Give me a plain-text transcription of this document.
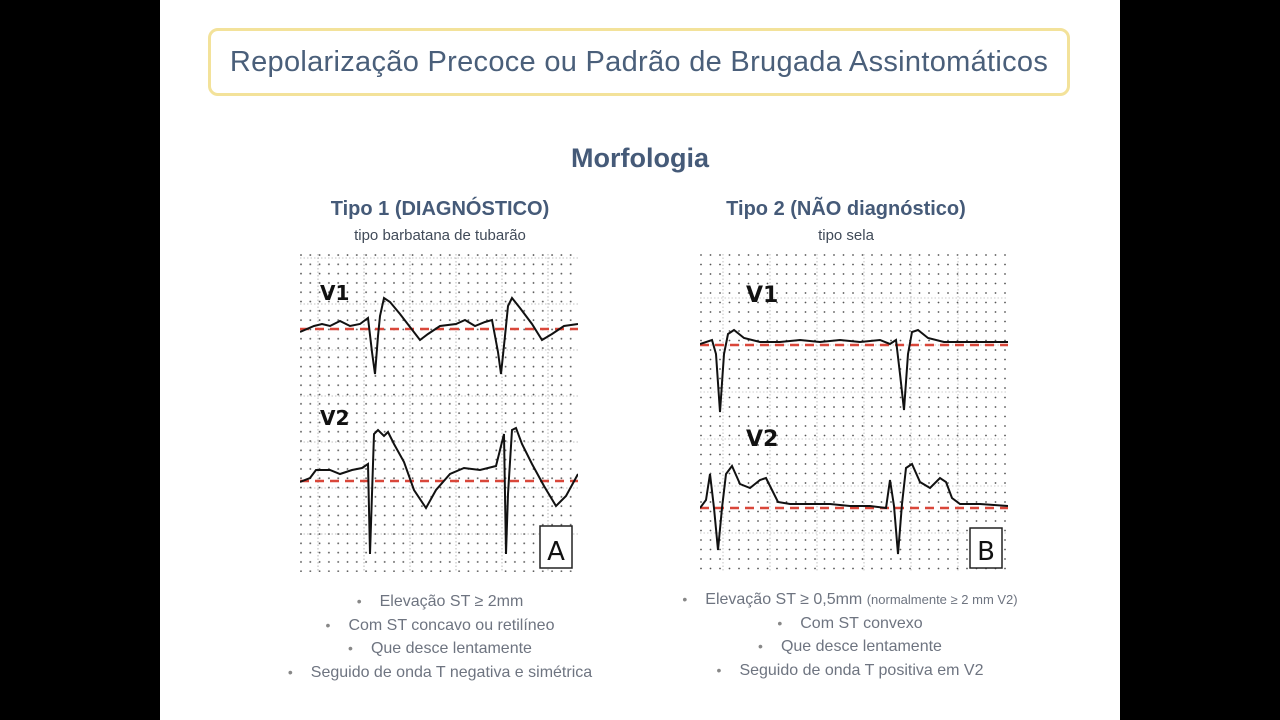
Repolarização Precoce ou Padrão de Brugada Assintomáticos
Morfologia
Tipo 1 (DIAGNÓSTICO)
tipo barbatana de tubarão
Tipo 2 (NÃO diagnóstico)
tipo sela
V1
V2
A
V1
V2
B
• Elevação ST ≥ 2mm
• Com ST concavo ou retilíneo
• Que desce lentamente
• Seguido de onda T negativa e simétrica
• Elevação ST ≥ 0,5mm (normalmente ≥ 2 mm V2)
• Com ST convexo
• Que desce lentamente
• Seguido de onda T positiva em V2
